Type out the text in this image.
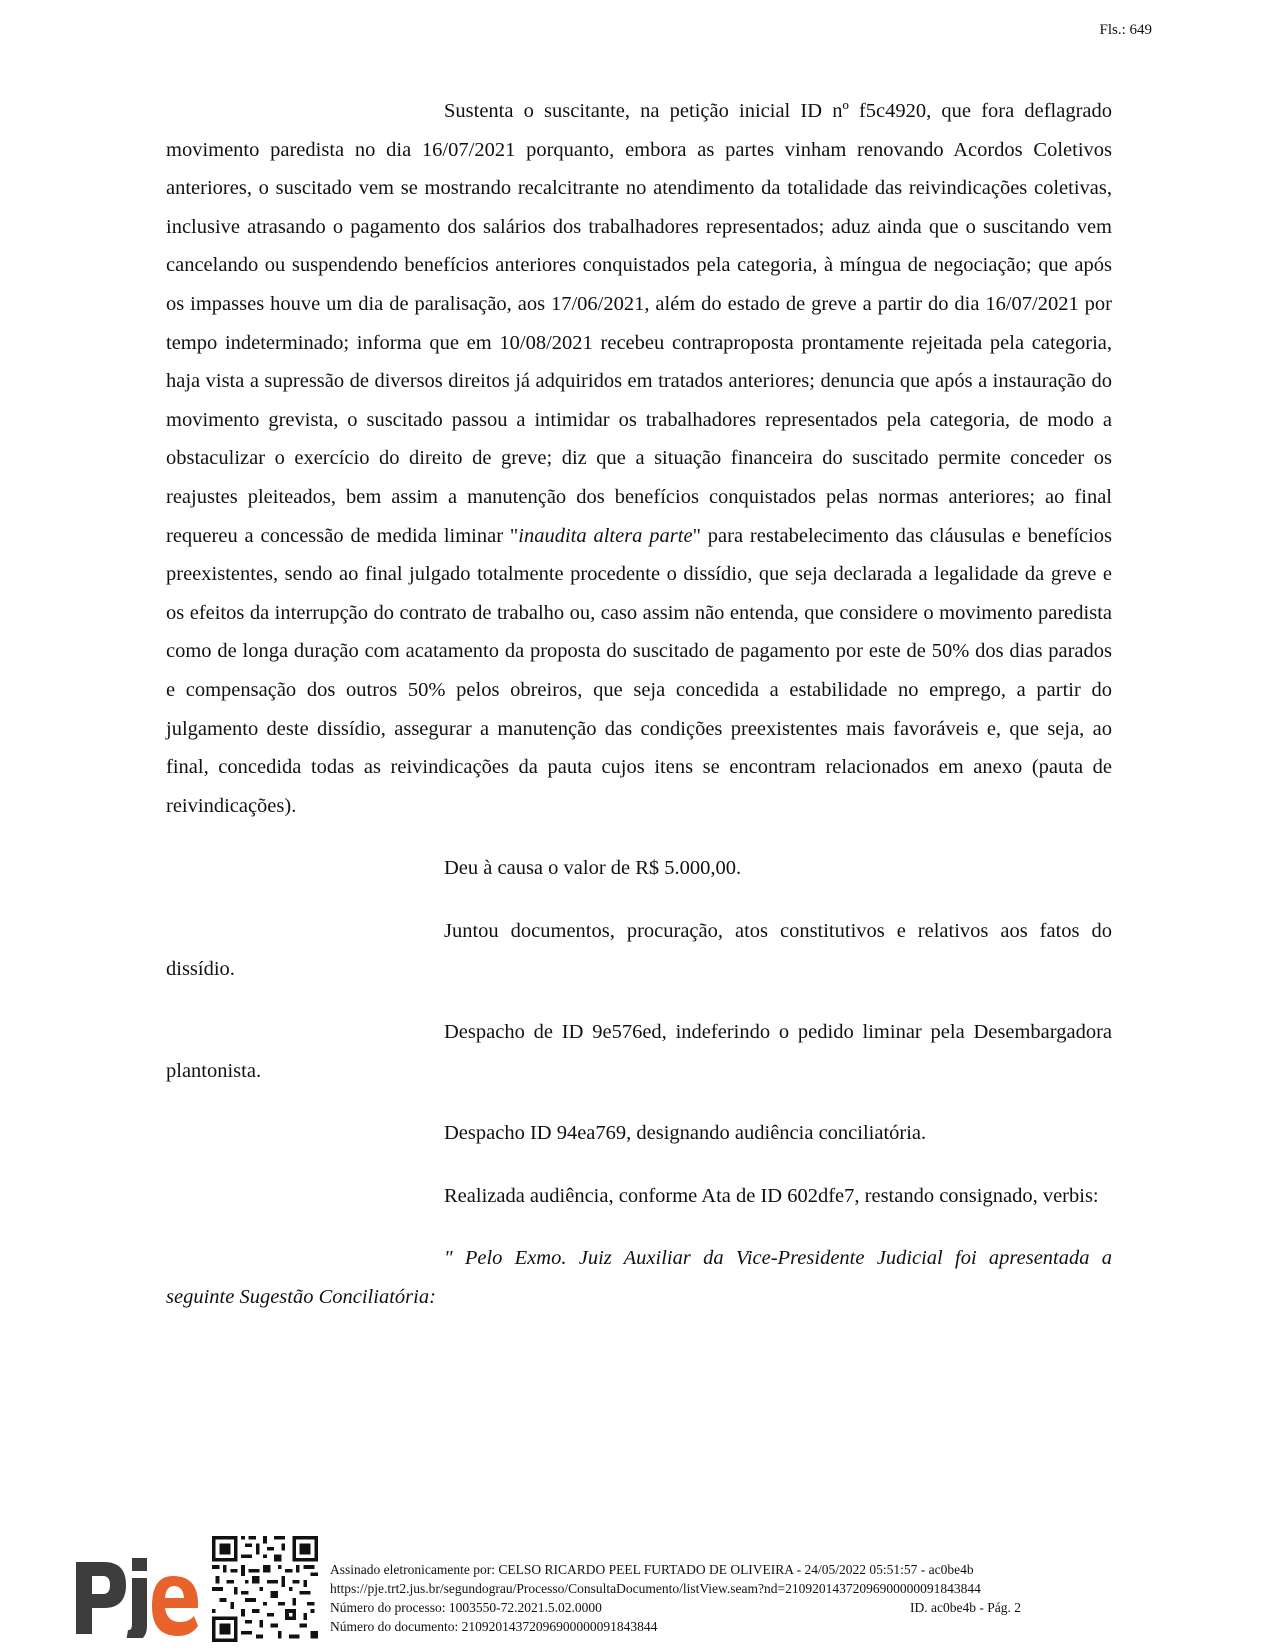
Fls.: 649

Sustenta o suscitante, na petição inicial ID nº f5c4920, que fora deflagrado movimento paredista no dia 16/07/2021 porquanto, embora as partes vinham renovando Acordos Coletivos anteriores, o suscitado vem se mostrando recalcitrante no atendimento da totalidade das reivindicações coletivas, inclusive atrasando o pagamento dos salários dos trabalhadores representados; aduz ainda que o suscitando vem cancelando ou suspendendo benefícios anteriores conquistados pela categoria, à míngua de negociação; que após os impasses houve um dia de paralisação, aos 17/06/2021, além do estado de greve a partir do dia 16/07/2021 por tempo indeterminado; informa que em 10/08/2021 recebeu contraproposta prontamente rejeitada pela categoria, haja vista a supressão de diversos direitos já adquiridos em tratados anteriores; denuncia que após a instauração do movimento grevista, o suscitado passou a intimidar os trabalhadores representados pela categoria, de modo a obstaculizar o exercício do direito de greve; diz que a situação financeira do suscitado permite conceder os reajustes pleiteados, bem assim a manutenção dos benefícios conquistados pelas normas anteriores; ao final requereu a concessão de medida liminar "inaudita altera parte" para restabelecimento das cláusulas e benefícios preexistentes, sendo ao final julgado totalmente procedente o dissídio, que seja declarada a legalidade da greve e os efeitos da interrupção do contrato de trabalho ou, caso assim não entenda, que considere o movimento paredista como de longa duração com acatamento da proposta do suscitado de pagamento por este de 50% dos dias parados e compensação dos outros 50% pelos obreiros, que seja concedida a estabilidade no emprego, a partir do julgamento deste dissídio, assegurar a manutenção das condições preexistentes mais favoráveis e, que seja, ao final, concedida todas as reivindicações da pauta cujos itens se encontram relacionados em anexo (pauta de reivindicações).

Deu à causa o valor de R$ 5.000,00.

Juntou documentos, procuração, atos constitutivos e relativos aos fatos do dissídio.

Despacho de ID 9e576ed, indeferindo o pedido liminar pela Desembargadora plantonista.

Despacho ID 94ea769, designando audiência conciliatória.

Realizada audiência, conforme Ata de ID 602dfe7, restando consignado, verbis:

" Pelo Exmo. Juiz Auxiliar da Vice-Presidente Judicial foi apresentada a seguinte Sugestão Conciliatória:

Assinado eletronicamente por: CELSO RICARDO PEEL FURTADO DE OLIVEIRA - 24/05/2022 05:51:57 - ac0be4b
https://pje.trt2.jus.br/segundograu/Processo/ConsultaDocumento/listView.seam?nd=21092014372096900000091843844
Número do processo: 1003550-72.2021.5.02.0000	ID. ac0be4b - Pág. 2
Número do documento: 21092014372096900000091843844
